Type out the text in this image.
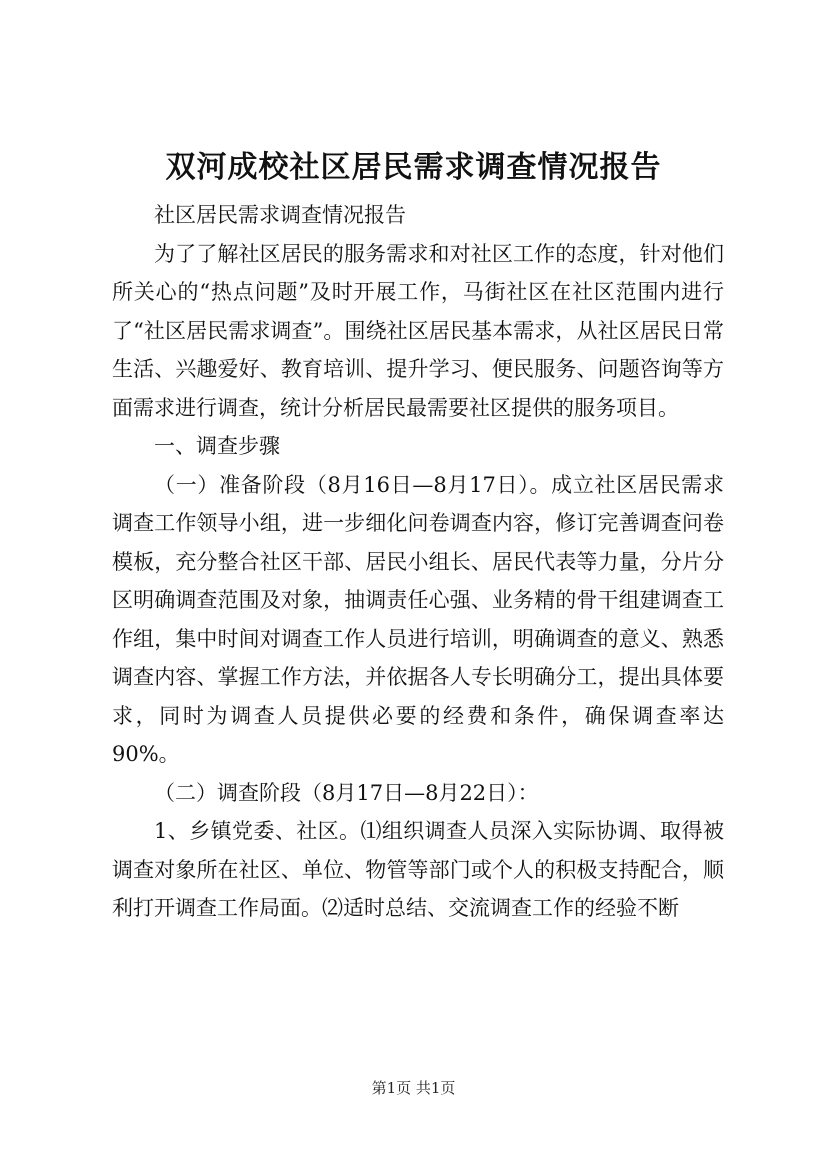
双河成校社区居民需求调查情况报告

社区居民需求调查情况报告

为了了解社区居民的服务需求和对社区工作的态度，针对他们所关心的“热点问题”及时开展工作，马街社区在社区范围内进行了“社区居民需求调查”。围绕社区居民基本需求，从社区居民日常生活、兴趣爱好、教育培训、提升学习、便民服务、问题咨询等方面需求进行调查，统计分析居民最需要社区提供的服务项目。

一、调查步骤

（一）准备阶段（8月16日—8月17日）。成立社区居民需求调查工作领导小组，进一步细化问卷调查内容，修订完善调查问卷模板，充分整合社区干部、居民小组长、居民代表等力量，分片分区明确调查范围及对象，抽调责任心强、业务精的骨干组建调查工作组，集中时间对调查工作人员进行培训，明确调查的意义、熟悉调查内容、掌握工作方法，并依据各人专长明确分工，提出具体要求，同时为调查人员提供必要的经费和条件，确保调查率达90%。

（二）调查阶段（8月17日—8月22日）：

1、乡镇党委、社区。⑴组织调查人员深入实际协调、取得被调查对象所在社区、单位、物管等部门或个人的积极支持配合，顺利打开调查工作局面。⑵适时总结、交流调查工作的经验不断

第1页 共1页
